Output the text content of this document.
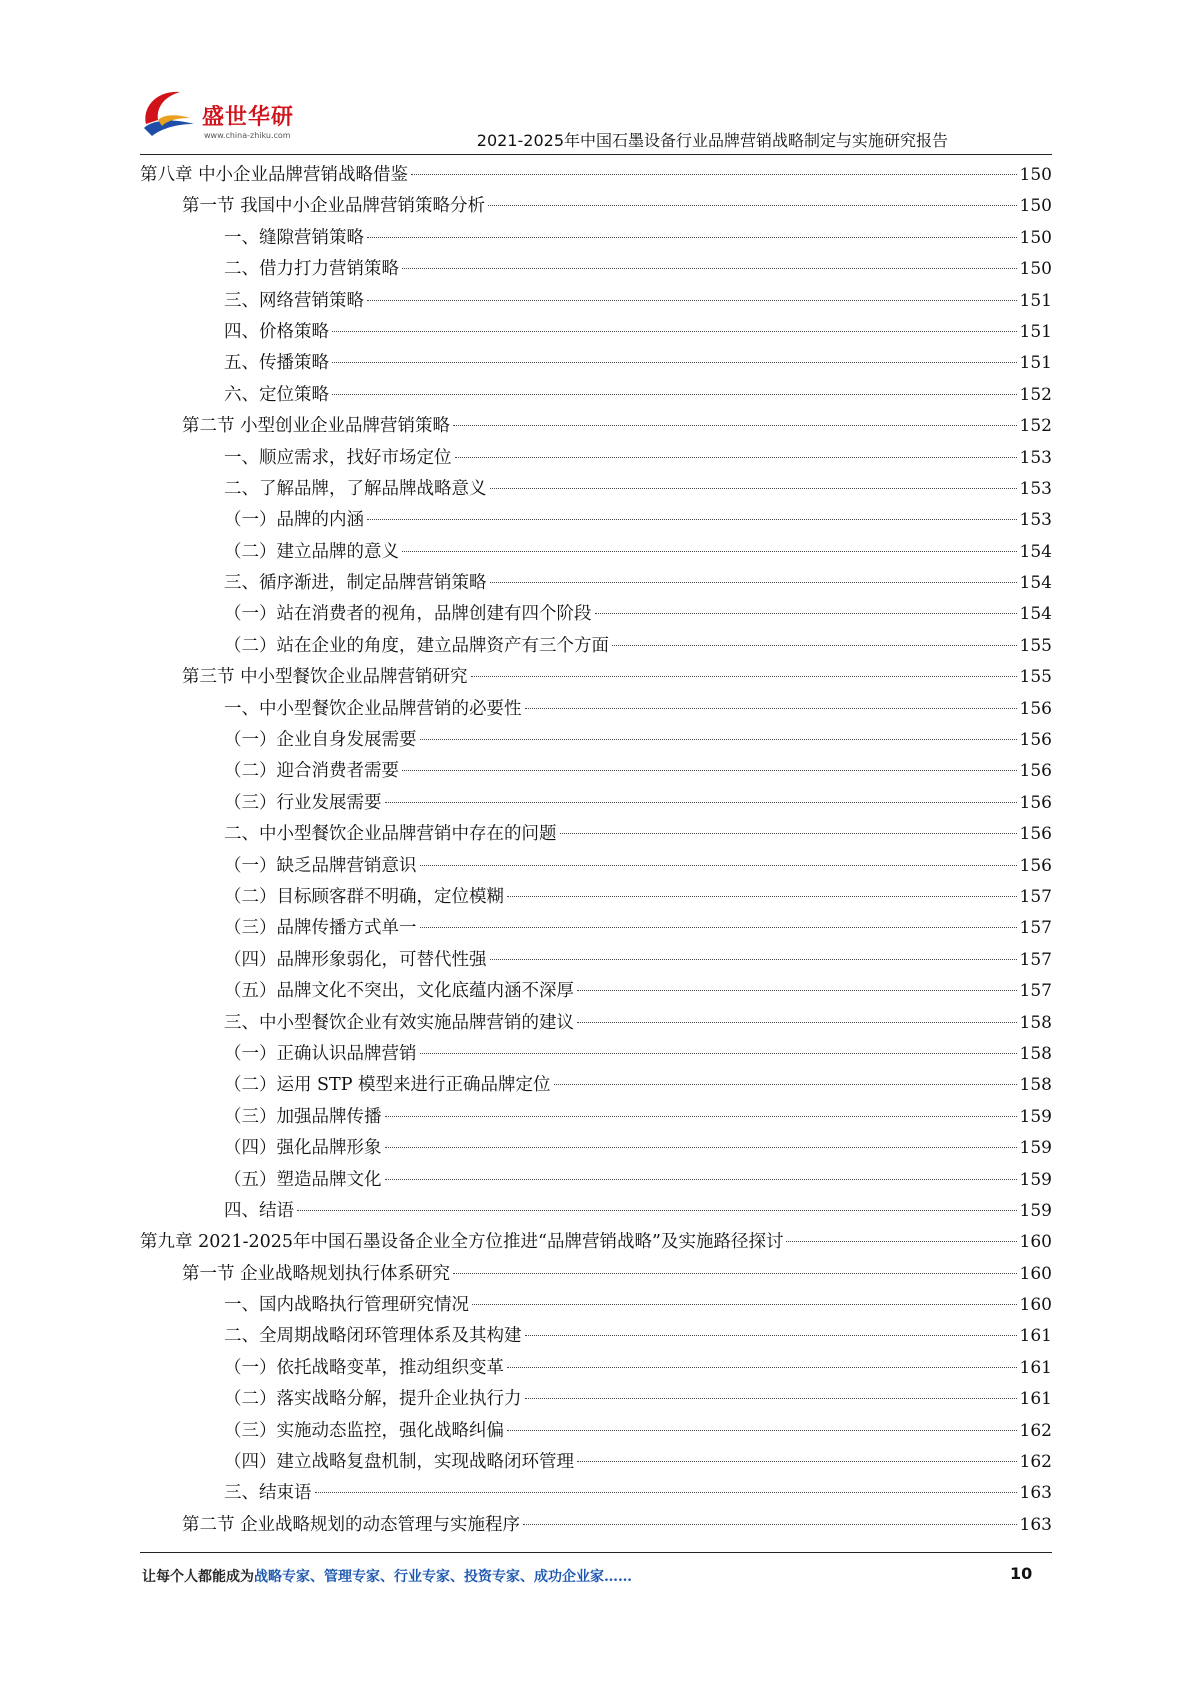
盛世华研
www.china-zhiku.com	2021-2025年中国石墨设备行业品牌营销战略制定与实施研究报告
第八章 中小企业品牌营销战略借鉴	150
第一节 我国中小企业品牌营销策略分析	150
一、缝隙营销策略	150
二、借力打力营销策略	150
三、网络营销策略	151
四、价格策略	151
五、传播策略	151
六、定位策略	152
第二节 小型创业企业品牌营销策略	152
一、顺应需求，找好市场定位	153
二、了解品牌，了解品牌战略意义	153
（一）品牌的内涵	153
（二）建立品牌的意义	154
三、循序渐进，制定品牌营销策略	154
（一）站在消费者的视角，品牌创建有四个阶段	154
（二）站在企业的角度，建立品牌资产有三个方面	155
第三节 中小型餐饮企业品牌营销研究	155
一、中小型餐饮企业品牌营销的必要性	156
（一）企业自身发展需要	156
（二）迎合消费者需要	156
（三）行业发展需要	156
二、中小型餐饮企业品牌营销中存在的问题	156
（一）缺乏品牌营销意识	156
（二）目标顾客群不明确，定位模糊	157
（三）品牌传播方式单一	157
（四）品牌形象弱化，可替代性强	157
（五）品牌文化不突出，文化底蕴内涵不深厚	157
三、中小型餐饮企业有效实施品牌营销的建议	158
（一）正确认识品牌营销	158
（二）运用 STP 模型来进行正确品牌定位	158
（三）加强品牌传播	159
（四）强化品牌形象	159
（五）塑造品牌文化	159
四、结语	159
第九章 2021-2025年中国石墨设备企业全方位推进“品牌营销战略”及实施路径探讨	160
第一节 企业战略规划执行体系研究	160
一、国内战略执行管理研究情况	160
二、全周期战略闭环管理体系及其构建	161
（一）依托战略变革，推动组织变革	161
（二）落实战略分解，提升企业执行力	161
（三）实施动态监控，强化战略纠偏	162
（四）建立战略复盘机制，实现战略闭环管理	162
三、结束语	163
第二节 企业战略规划的动态管理与实施程序	163
让每个人都能成为战略专家、管理专家、行业专家、投资专家、成功企业家……	10
